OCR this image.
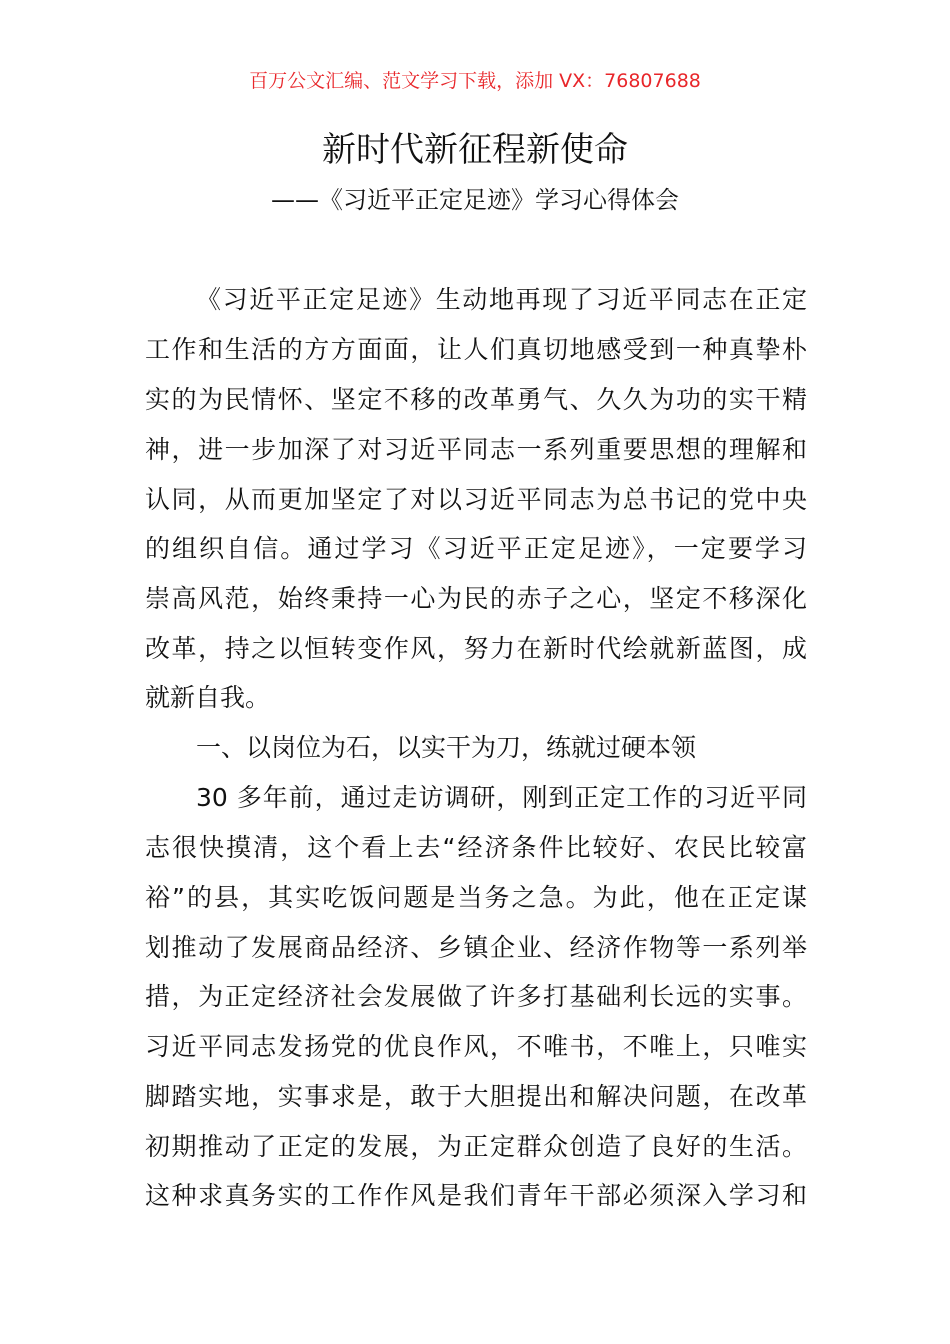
百万公文汇编、范文学习下载，添加 VX：76807688
新时代新征程新使命
——《习近平正定足迹》学习心得体会
《习近平正定足迹》生动地再现了习近平同志在正定
工作和生活的方方面面，让人们真切地感受到一种真挚朴
实的为民情怀、坚定不移的改革勇气、久久为功的实干精
神，进一步加深了对习近平同志一系列重要思想的理解和
认同，从而更加坚定了对以习近平同志为总书记的党中央
的组织自信。通过学习《习近平正定足迹》，一定要学习
崇高风范，始终秉持一心为民的赤子之心，坚定不移深化
改革，持之以恒转变作风，努力在新时代绘就新蓝图，成
就新自我。
一、以岗位为石，以实干为刀，练就过硬本领
30 多年前，通过走访调研，刚到正定工作的习近平同
志很快摸清，这个看上去“经济条件比较好、农民比较富
裕”的县，其实吃饭问题是当务之急。为此，他在正定谋
划推动了发展商品经济、乡镇企业、经济作物等一系列举
措，为正定经济社会发展做了许多打基础利长远的实事。
习近平同志发扬党的优良作风，不唯书，不唯上，只唯实
脚踏实地，实事求是，敢于大胆提出和解决问题，在改革
初期推动了正定的发展，为正定群众创造了良好的生活。
这种求真务实的工作作风是我们青年干部必须深入学习和
